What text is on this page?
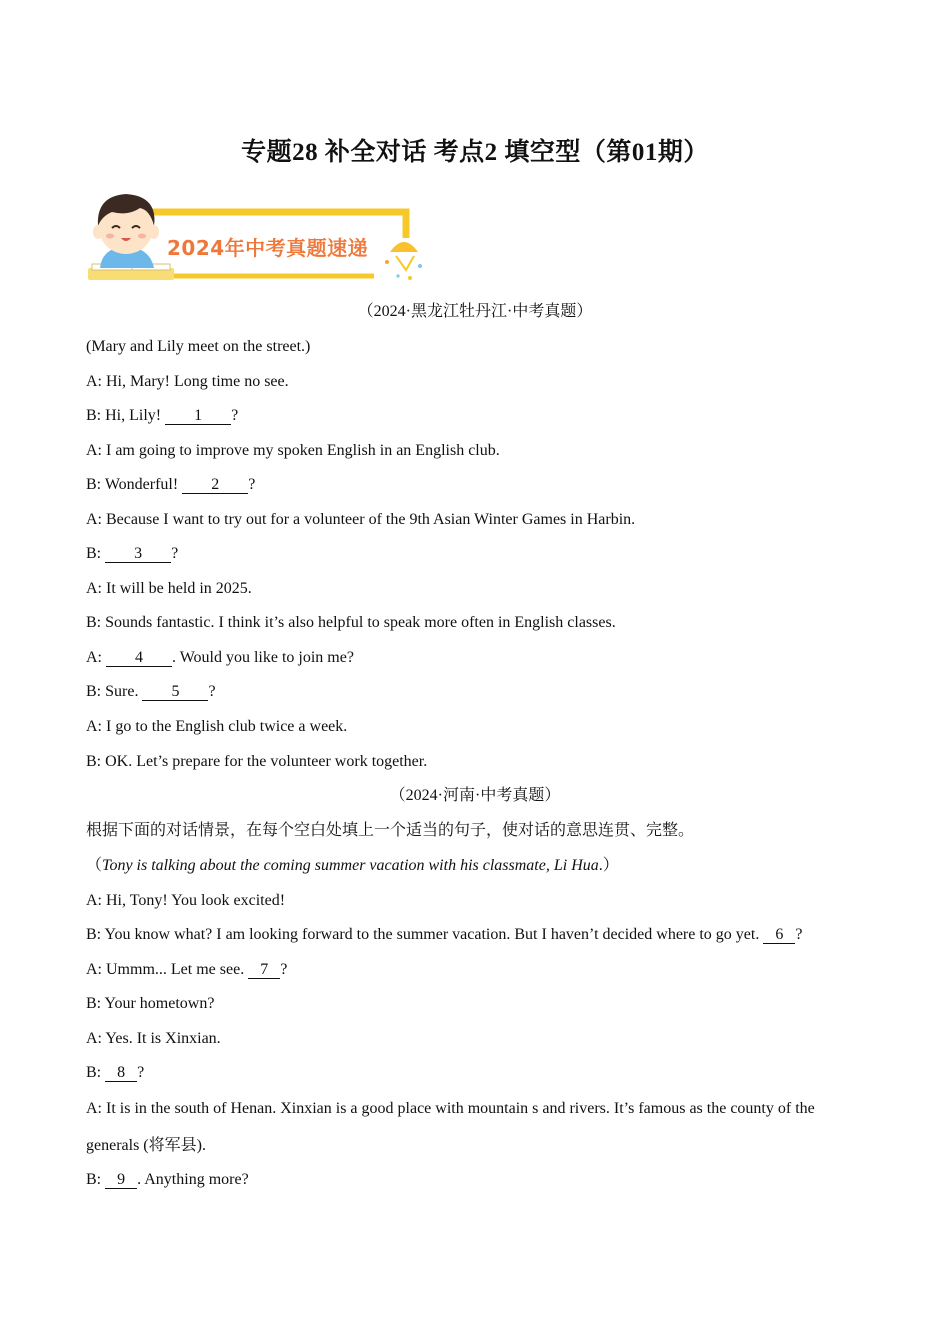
专题28 补全对话 考点2 填空型（第01期）
2024年中考真题速递
（2024·黑龙江牡丹江·中考真题）
(Mary and Lily meet on the street.)
A: Hi, Mary! Long time no see.
B: Hi, Lily! 1 ?
A: I am going to improve my spoken English in an English club.
B: Wonderful! 2 ?
A: Because I want to try out for a volunteer of the 9th Asian Winter Games in Harbin.
B: 3 ?
A: It will be held in 2025.
B: Sounds fantastic. I think it’s also helpful to speak more often in English classes.
A: 4 . Would you like to join me?
B: Sure. 5 ?
A: I go to the English club twice a week.
B: OK. Let’s prepare for the volunteer work together.
（2024·河南·中考真题）
根据下面的对话情景，在每个空白处填上一个适当的句子，使对话的意思连贯、完整。
（Tony is talking about the coming summer vacation with his classmate, Li Hua.）
A: Hi, Tony! You look excited!
B: You know what? I am looking forward to the summer vacation. But I haven’t decided where to go yet. 6 ?
A: Ummm... Let me see. 7 ?
B: Your hometown?
A: Yes. It is Xinxian.
B: 8 ?
A: It is in the south of Henan. Xinxian is a good place with mountain s and rivers. It’s famous as the county of the generals (将军县).
B: 9 . Anything more?
